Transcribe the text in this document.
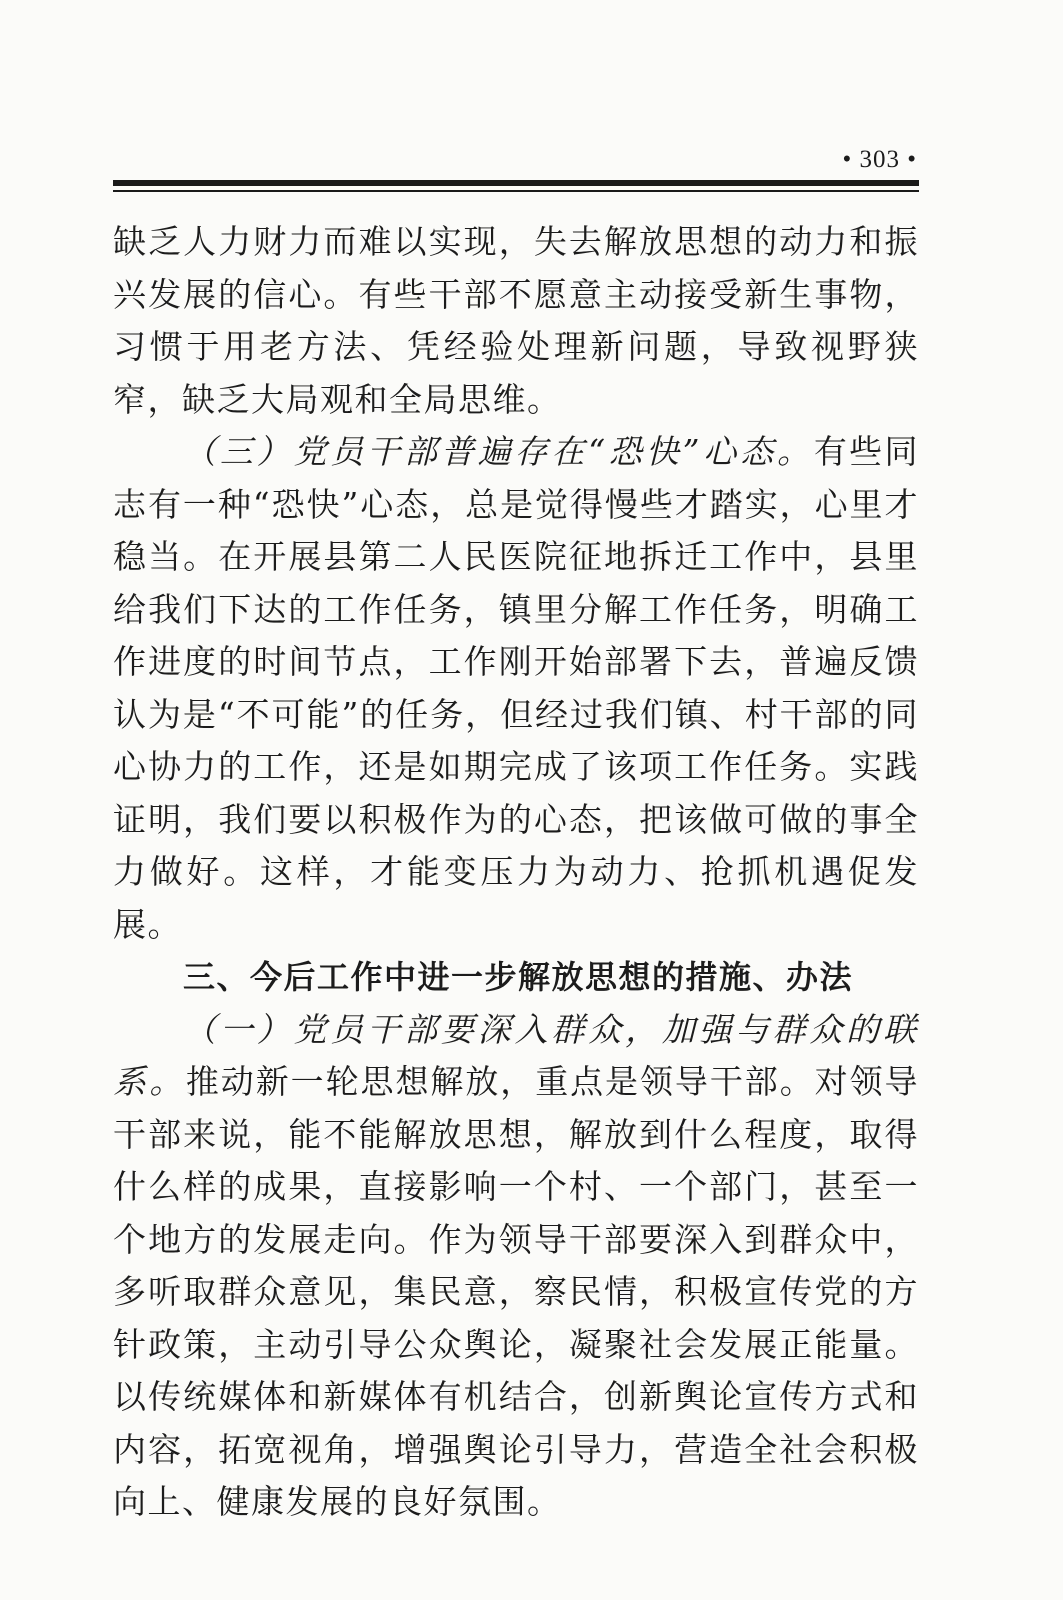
• 303 •

缺乏人力财力而难以实现，失去解放思想的动力和振兴发展的信心。有些干部不愿意主动接受新生事物，习惯于用老方法、凭经验处理新问题，导致视野狭窄，缺乏大局观和全局思维。

（三）党员干部普遍存在“恐快”心态。有些同志有一种“恐快”心态，总是觉得慢些才踏实，心里才稳当。在开展县第二人民医院征地拆迁工作中，县里给我们下达的工作任务，镇里分解工作任务，明确工作进度的时间节点，工作刚开始部署下去，普遍反馈认为是“不可能”的任务，但经过我们镇、村干部的同心协力的工作，还是如期完成了该项工作任务。实践证明，我们要以积极作为的心态，把该做可做的事全力做好。这样，才能变压力为动力、抢抓机遇促发展。

三、今后工作中进一步解放思想的措施、办法

（一）党员干部要深入群众，加强与群众的联系。推动新一轮思想解放，重点是领导干部。对领导干部来说，能不能解放思想，解放到什么程度，取得什么样的成果，直接影响一个村、一个部门，甚至一个地方的发展走向。作为领导干部要深入到群众中，多听取群众意见，集民意，察民情，积极宣传党的方针政策，主动引导公众舆论，凝聚社会发展正能量。以传统媒体和新媒体有机结合，创新舆论宣传方式和内容，拓宽视角，增强舆论引导力，营造全社会积极向上、健康发展的良好氛围。
